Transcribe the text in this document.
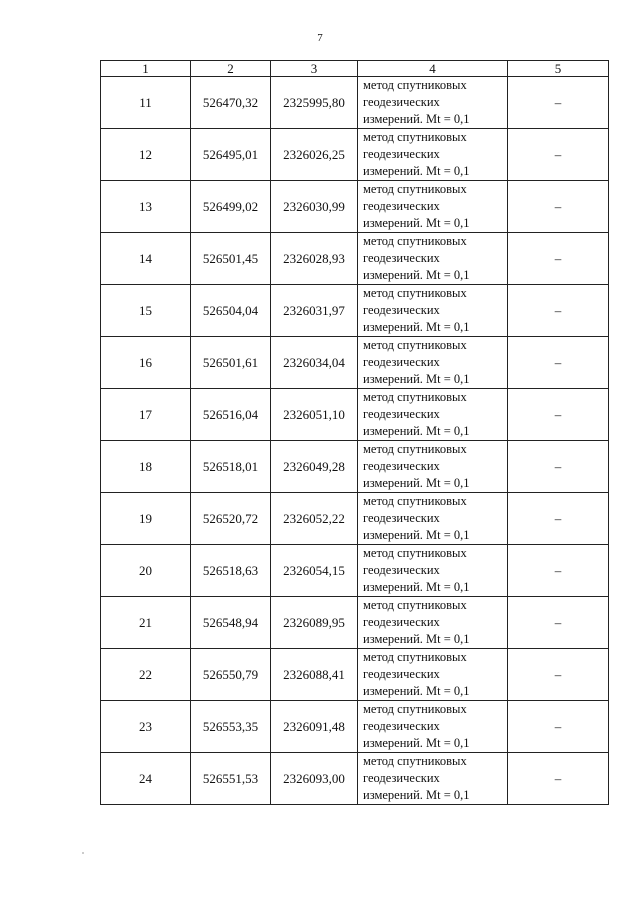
7
1	2	3	4	5
11	526470,32	2325995,80	метод спутниковых
геодезических
измерений. Mt = 0,1	–
12	526495,01	2326026,25	метод спутниковых
геодезических
измерений. Mt = 0,1	–
13	526499,02	2326030,99	метод спутниковых
геодезических
измерений. Mt = 0,1	–
14	526501,45	2326028,93	метод спутниковых
геодезических
измерений. Mt = 0,1	–
15	526504,04	2326031,97	метод спутниковых
геодезических
измерений. Mt = 0,1	–
16	526501,61	2326034,04	метод спутниковых
геодезических
измерений. Mt = 0,1	–
17	526516,04	2326051,10	метод спутниковых
геодезических
измерений. Mt = 0,1	–
18	526518,01	2326049,28	метод спутниковых
геодезических
измерений. Mt = 0,1	–
19	526520,72	2326052,22	метод спутниковых
геодезических
измерений. Mt = 0,1	–
20	526518,63	2326054,15	метод спутниковых
геодезических
измерений. Mt = 0,1	–
21	526548,94	2326089,95	метод спутниковых
геодезических
измерений. Mt = 0,1	–
22	526550,79	2326088,41	метод спутниковых
геодезических
измерений. Mt = 0,1	–
23	526553,35	2326091,48	метод спутниковых
геодезических
измерений. Mt = 0,1	–
24	526551,53	2326093,00	метод спутниковых
геодезических
измерений. Mt = 0,1	–
